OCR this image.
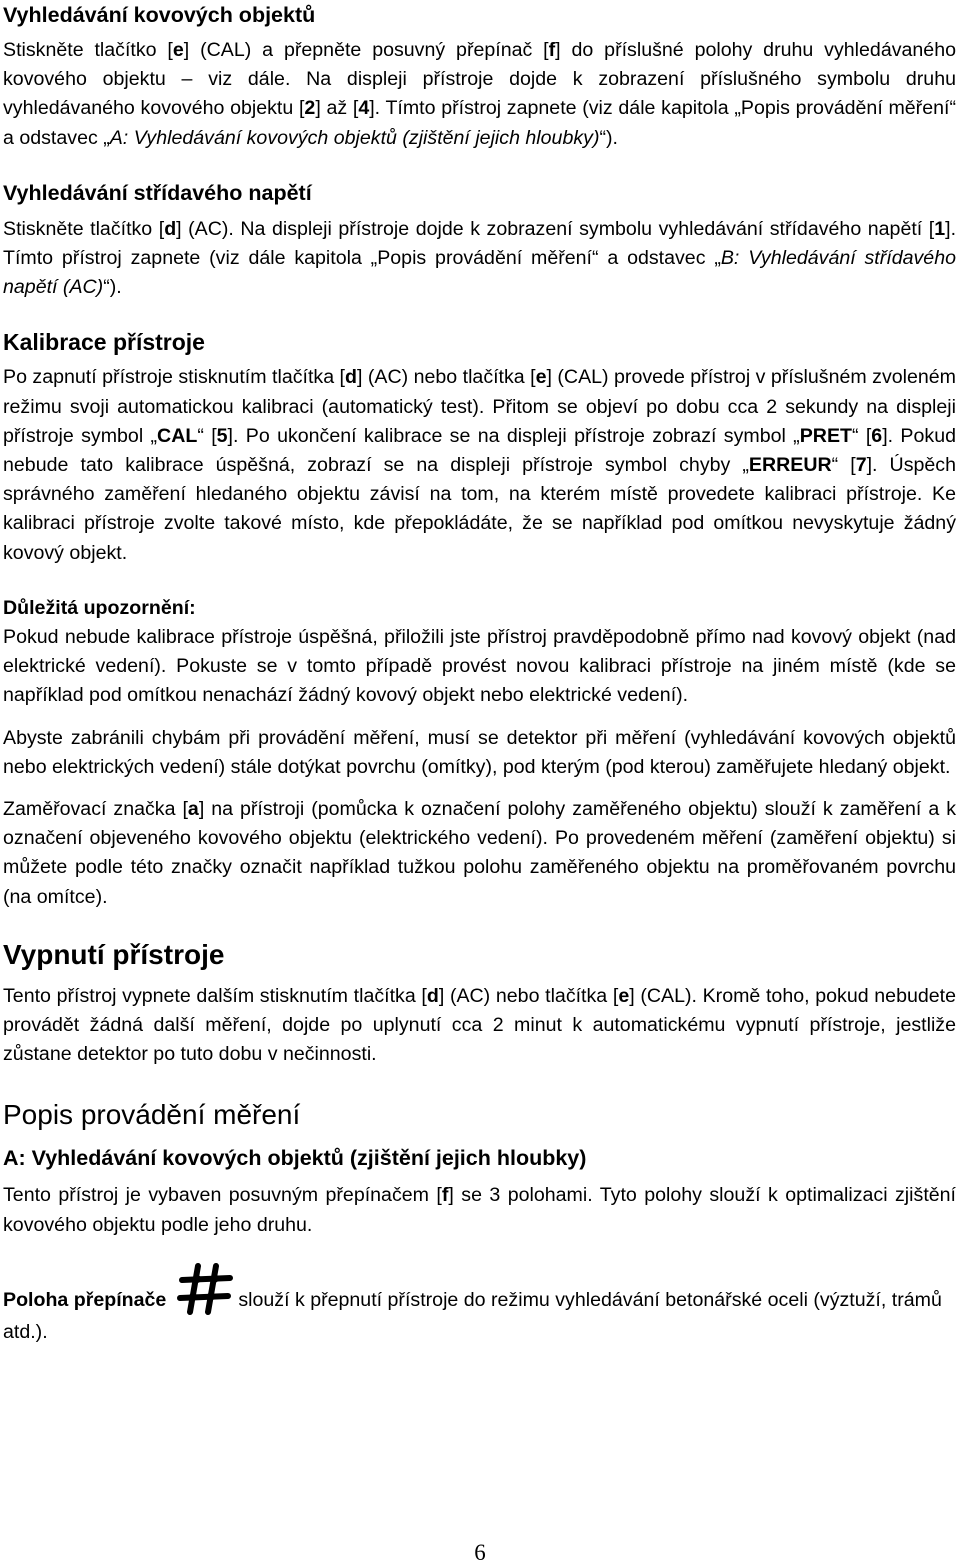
Vyhledávání kovových objektů

Stiskněte tlačítko [e] (CAL) a přepněte posuvný přepínač [f] do příslušné polohy druhu vyhledávaného kovového objektu – viz dále. Na displeji přístroje dojde k zobrazení příslušného symbolu druhu vyhledávaného kovového objektu [2] až [4]. Tímto přístroj zapnete (viz dále kapitola „Popis provádění měření“ a odstavec „A: Vyhledávání kovových objektů (zjištění jejich hloubky)“).

Vyhledávání střídavého napětí

Stiskněte tlačítko [d] (AC). Na displeji přístroje dojde k zobrazení symbolu vyhledávání střídavého napětí [1]. Tímto přístroj zapnete (viz dále kapitola „Popis provádění měření“ a odstavec „B: Vyhledávání střídavého napětí (AC)“).

Kalibrace přístroje

Po zapnutí přístroje stisknutím tlačítka [d] (AC) nebo tlačítka [e] (CAL) provede přístroj v příslušném zvoleném režimu svoji automatickou kalibraci (automatický test). Přitom se objeví po dobu cca 2 sekundy na displeji přístroje symbol „CAL“ [5]. Po ukončení kalibrace se na displeji přístroje zobrazí symbol „PRET“ [6]. Pokud nebude tato kalibrace úspěšná, zobrazí se na displeji přístroje symbol chyby „ERREUR“ [7]. Úspěch správného zaměření hledaného objektu závisí na tom, na kterém místě provedete kalibraci přístroje. Ke kalibraci přístroje zvolte takové místo, kde přepokládáte, že se například pod omítkou nevyskytuje žádný kovový objekt.

Důležitá upozornění:

Pokud nebude kalibrace přístroje úspěšná, přiložili jste přístroj pravděpodobně přímo nad kovový objekt (nad elektrické vedení). Pokuste se v tomto případě provést novou kalibraci přístroje na jiném místě (kde se například pod omítkou nenachází žádný kovový objekt nebo elektrické vedení).

Abyste zabránili chybám při provádění měření, musí se detektor při měření (vyhledávání kovových objektů nebo elektrických vedení) stále dotýkat povrchu (omítky), pod kterým (pod kterou) zaměřujete hledaný objekt.

Zaměřovací značka [a] na přístroji (pomůcka k označení polohy zaměřeného objektu) slouží k zaměření a k označení objeveného kovového objektu (elektrického vedení). Po provedeném měření (zaměření objektu) si můžete podle této značky označit například tužkou polohu zaměřeného objektu na proměřovaném povrchu (na omítce).

Vypnutí přístroje

Tento přístroj vypnete dalším stisknutím tlačítka [d] (AC) nebo tlačítka [e] (CAL). Kromě toho, pokud nebudete provádět žádná další měření, dojde po uplynutí cca 2 minut k automatickému vypnutí přístroje, jestliže zůstane detektor po tuto dobu v nečinnosti.

Popis provádění měření
A: Vyhledávání kovových objektů (zjištění jejich hloubky)

Tento přístroj je vybaven posuvným přepínačem [f] se 3 polohami. Tyto polohy slouží k optimalizaci zjištění kovového objektu podle jeho druhu.

Poloha přepínače	slouží k přepnutí přístroje do režimu vyhledávání betonářské oceli (výztuží, trámů atd.).

6
